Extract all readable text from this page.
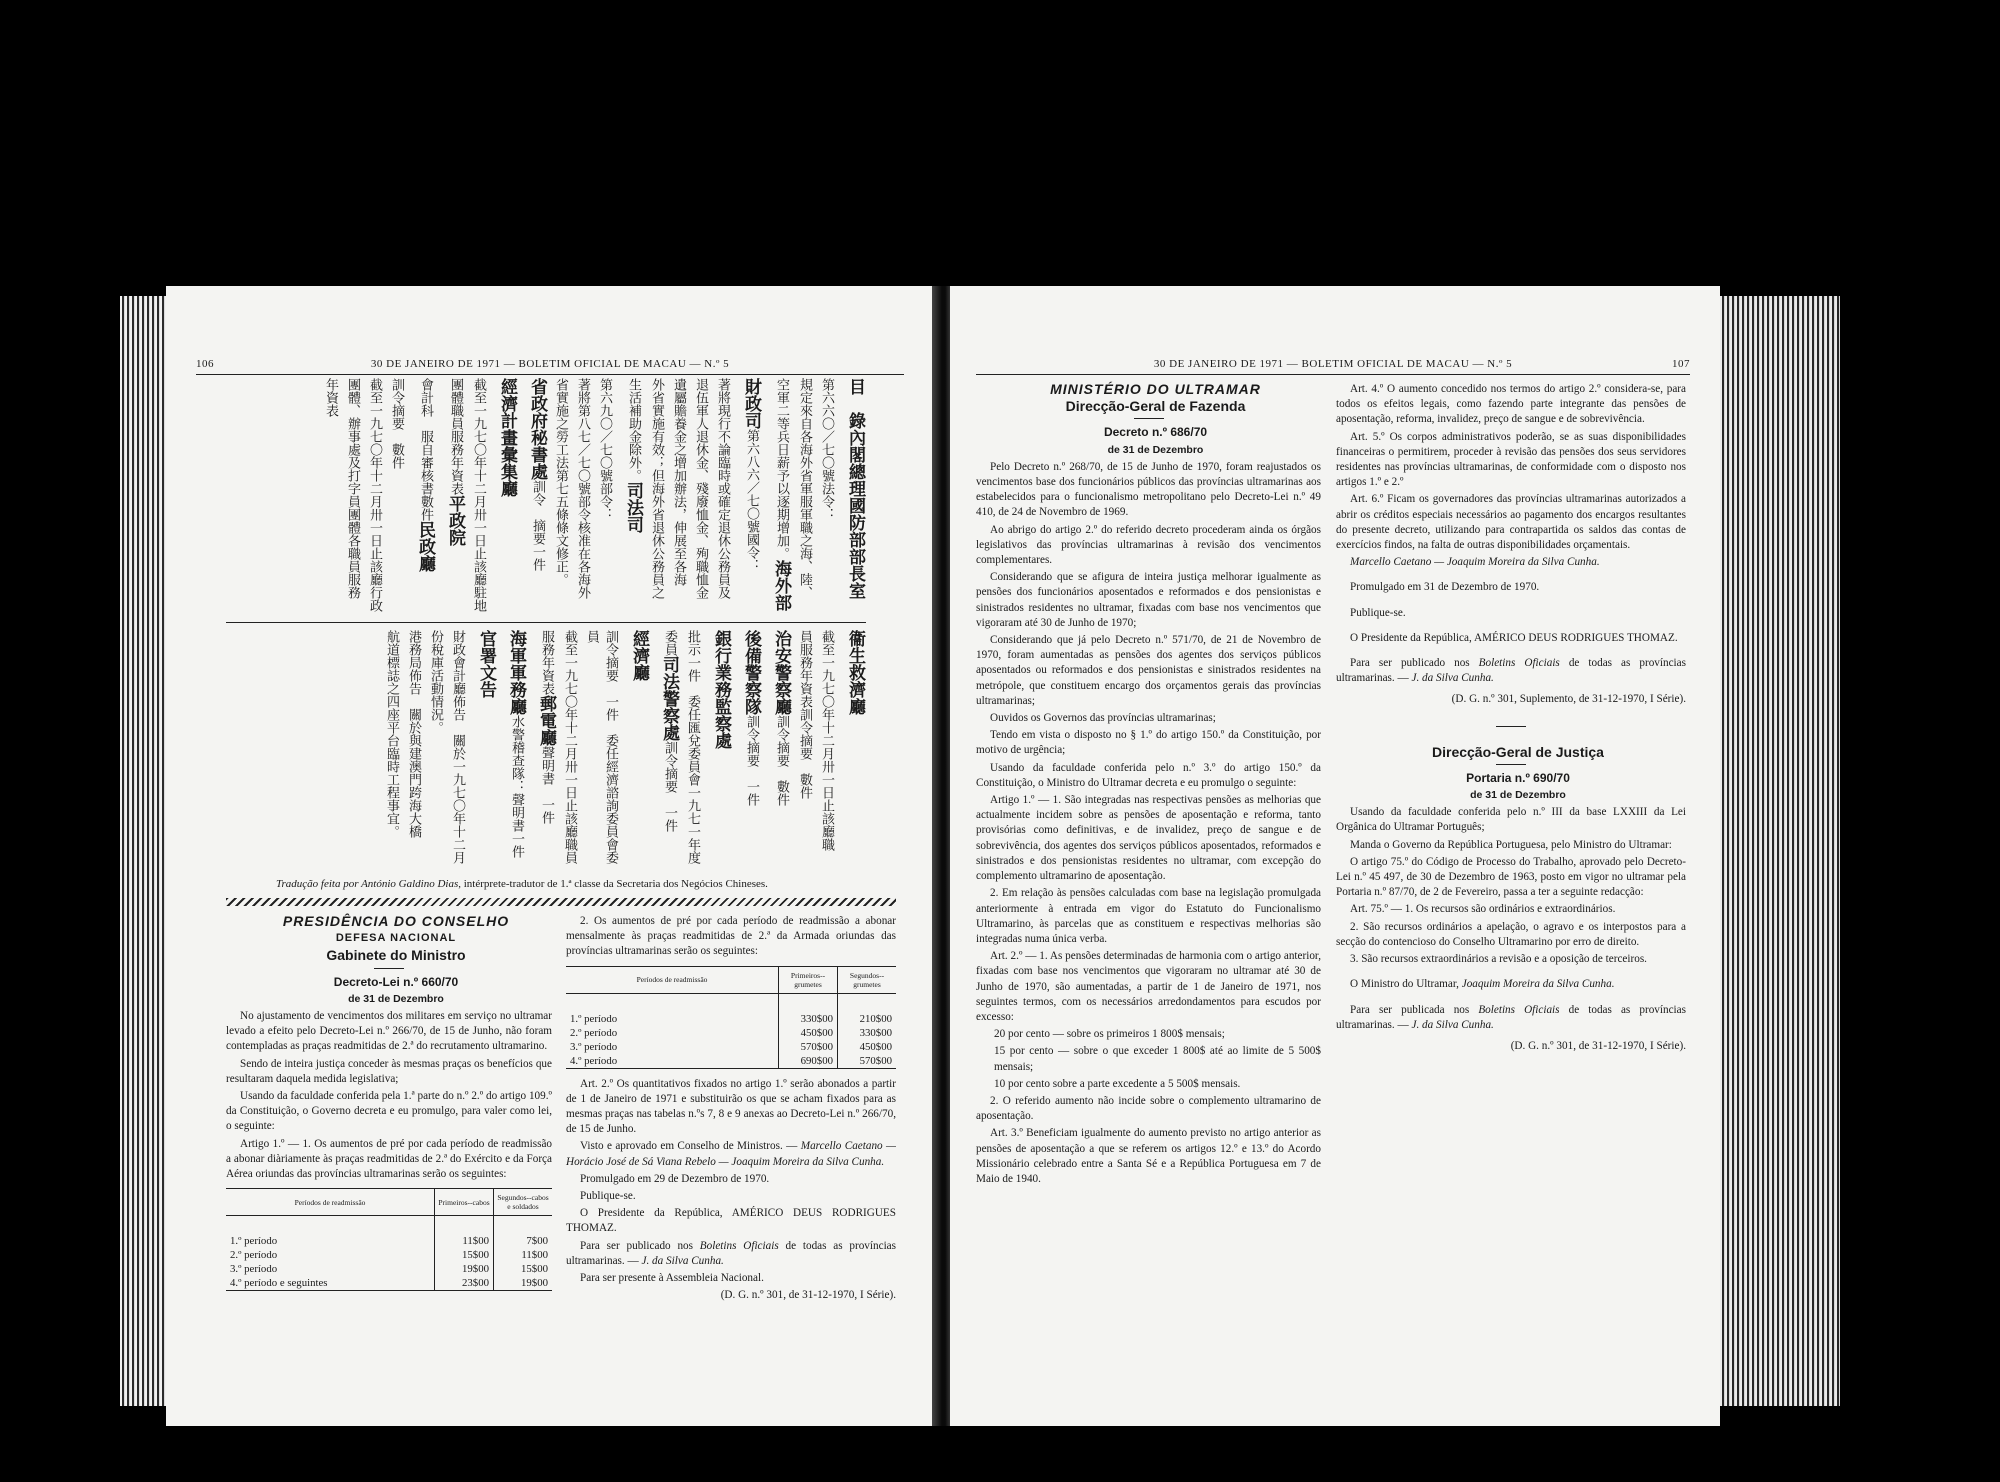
106	30 DE JANEIRO DE 1971 — BOLETIM OFICIAL DE MACAU — N.º 5
目　錄內閣總理國防部部長室第六六〇／七〇號法令：規定來自各海外省軍服軍職之海、陸、空軍二等兵日薪予以逐期增加。海外部財政司第六八六／七〇號國令：著將現行不論臨時或確定退休公務員及退伍軍人退休金、殘廢恤金、殉職恤金遺屬贍養金之增加辦法，伸展至各海外省實施有效；但海外省退休公務員之生活補助金除外。司法司第六九〇／七〇號部令：著將第八七／七〇號部令核准在各海外省實施之勞工法第七五條條文修正。省政府秘書處訓令　摘要一件經濟計畫彙集廳截至一九七〇年十二月卅一日止該廳駐地團體職員服務年資表平政院會計科　服自審核書數件民政廳訓令摘要　數件截至一九七〇年十二月卅一日止該廳行政團體、辦事處及打字員團體各職員服務年資表
衞生救濟廳截至一九七〇年十二月卅一日止該廳職員服務年資表訓令摘要　數件治安警察廳訓令摘要　數件後備警察隊訓令摘要　一件銀行業務監察處批示一件　委任匯兌委員會一九七一年度委員司法警察處訓令摘要　一件經濟廳訓令摘要　一件　委任經濟諮詢委員會委員截至一九七〇年十二月卅一日止該廳職員服務年資表郵電廳聲明書　一件海軍軍務廳水警稽查隊：聲明書一件官署文告財政會計廳佈告　關於一九七〇年十二月份稅庫活動情況。港務局佈告　關於與建澳門跨海大橋航道標誌之四座平台臨時工程事宜。
Tradução feita por António Galdino Dias, intérprete-tradutor de 1.ª classe da Secretaria dos Negócios Chineses.

PRESIDÊNCIA DO CONSELHO

DEFESA NACIONAL

Gabinete do Ministro

Decreto-Lei n.º 660/70

de 31 de Dezembro

No ajustamento de vencimentos dos militares em serviço no ultramar levado a efeito pelo Decreto-Lei n.º 266/70, de 15 de Junho, não foram contempladas as praças readmitidas de 2.ª do recrutamento ultramarino.

Sendo de inteira justiça conceder às mesmas praças os benefícios que resultaram daquela medida legislativa;

Usando da faculdade conferida pela 1.ª parte do n.º 2.º do artigo 109.º da Constituição, o Governo decreta e eu promulgo, para valer como lei, o seguinte:

Artigo 1.º — 1. Os aumentos de pré por cada período de readmissão a abonar diàriamente às praças readmitidas de 2.ª do Exército e da Força Aérea oriundas das províncias ultramarinas serão os seguintes:

Períodos de readmissão	Primeiros--cabos	Segundos--cabos e soldados

1.º período	11$00	7$00
2.º período	15$00	11$00
3.º período	19$00	15$00
4.º período e seguintes	23$00	19$00

2. Os aumentos de pré por cada período de readmissão a abonar mensalmente às praças readmitidas de 2.ª da Armada oriundas das províncias ultramarinas serão os seguintes:

Períodos de readmissão	Primeiros--grumetes	Segundos--grumetes

1.º período	330$00	210$00
2.º período	450$00	330$00
3.º período	570$00	450$00
4.º período	690$00	570$00

Art. 2.º Os quantitativos fixados no artigo 1.º serão abonados a partir de 1 de Janeiro de 1971 e substituirão os que se acham fixados para as mesmas praças nas tabelas n.ºs 7, 8 e 9 anexas ao Decreto-Lei n.º 266/70, de 15 de Junho.

Visto e aprovado em Conselho de Ministros. — Marcello Caetano — Horácio José de Sá Viana Rebelo — Joaquim Moreira da Silva Cunha.

Promulgado em 29 de Dezembro de 1970.

Publique-se.

O Presidente da República, AMÉRICO DEUS RODRIGUES THOMAZ.

Para ser publicado nos Boletins Oficiais de todas as províncias ultramarinas. — J. da Silva Cunha.

Para ser presente à Assembleia Nacional.

(D. G. n.º 301, de 31-12-1970, I Série).

30 DE JANEIRO DE 1971 — BOLETIM OFICIAL DE MACAU — N.º 5	107

MINISTÉRIO DO ULTRAMAR

Direcção-Geral de Fazenda

Decreto n.º 686/70

de 31 de Dezembro

Pelo Decreto n.º 268/70, de 15 de Junho de 1970, foram reajustados os vencimentos base dos funcionários públicos das províncias ultramarinas aos estabelecidos para o funcionalismo metropolitano pelo Decreto-Lei n.º 49 410, de 24 de Novembro de 1969.

Ao abrigo do artigo 2.º do referido decreto procederam ainda os órgãos legislativos das províncias ultramarinas à revisão dos vencimentos complementares.

Considerando que se afigura de inteira justiça melhorar igualmente as pensões dos funcionários aposentados e reformados e dos pensionistas e sinistrados residentes no ultramar, fixadas com base nos vencimentos que vigoraram até 30 de Junho de 1970;

Considerando que já pelo Decreto n.º 571/70, de 21 de Novembro de 1970, foram aumentadas as pensões dos agentes dos serviços públicos aposentados ou reformados e dos pensionistas e sinistrados residentes na metrópole, que constituem encargo dos orçamentos gerais das províncias ultramarinas;

Ouvidos os Governos das províncias ultramarinas;

Tendo em vista o disposto no § 1.º do artigo 150.º da Constituição, por motivo de urgência;

Usando da faculdade conferida pelo n.º 3.º do artigo 150.º da Constituição, o Ministro do Ultramar decreta e eu promulgo o seguinte:

Artigo 1.º — 1. São integradas nas respectivas pensões as melhorias que actualmente incidem sobre as pensões de aposentação e reforma, tanto provisórias como definitivas, e de invalidez, preço de sangue e de sobrevivência, dos agentes dos serviços públicos aposentados, reformados e sinistrados e dos pensionistas residentes no ultramar, com excepção do complemento ultramarino de aposentação.

2. Em relação às pensões calculadas com base na legislação promulgada anteriormente à entrada em vigor do Estatuto do Funcionalismo Ultramarino, às parcelas que as constituem e respectivas melhorias são integradas numa única verba.

Art. 2.º — 1. As pensões determinadas de harmonia com o artigo anterior, fixadas com base nos vencimentos que vigoraram no ultramar até 30 de Junho de 1970, são aumentadas, a partir de 1 de Janeiro de 1971, nos seguintes termos, com os necessários arredondamentos para escudos por excesso:

20 por cento — sobre os primeiros 1 800$ mensais;

15 por cento — sobre o que exceder 1 800$ até ao limite de 5 500$ mensais;

10 por cento sobre a parte excedente a 5 500$ mensais.

2. O referido aumento não incide sobre o complemento ultramarino de aposentação.

Art. 3.º Beneficiam igualmente do aumento previsto no artigo anterior as pensões de aposentação a que se referem os artigos 12.º e 13.º do Acordo Missionário celebrado entre a Santa Sé e a República Portuguesa em 7 de Maio de 1940.

Art. 4.º O aumento concedido nos termos do artigo 2.º considera-se, para todos os efeitos legais, como fazendo parte integrante das pensões de aposentação, reforma, invalidez, preço de sangue e de sobrevivência.

Art. 5.º Os corpos administrativos poderão, se as suas disponibilidades financeiras o permitirem, proceder à revisão das pensões dos seus servidores residentes nas províncias ultramarinas, de conformidade com o disposto nos artigos 1.º e 2.º

Art. 6.º Ficam os governadores das províncias ultramarinas autorizados a abrir os créditos especiais necessários ao pagamento dos encargos resultantes do presente decreto, utilizando para contrapartida os saldos das contas de exercícios findos, na falta de outras disponibilidades orçamentais.

Marcello Caetano — Joaquim Moreira da Silva Cunha.

Promulgado em 31 de Dezembro de 1970.

Publique-se.

O Presidente da República, AMÉRICO DEUS RODRIGUES THOMAZ.

Para ser publicado nos Boletins Oficiais de todas as províncias ultramarinas. — J. da Silva Cunha.

(D. G. n.º 301, Suplemento, de 31-12-1970, I Série).

Direcção-Geral de Justiça

Portaria n.º 690/70

de 31 de Dezembro

Usando da faculdade conferida pelo n.º III da base LXXIII da Lei Orgânica do Ultramar Português;

Manda o Governo da República Portuguesa, pelo Ministro do Ultramar:

O artigo 75.º do Código de Processo do Trabalho, aprovado pelo Decreto-Lei n.º 45 497, de 30 de Dezembro de 1963, posto em vigor no ultramar pela Portaria n.º 87/70, de 2 de Fevereiro, passa a ter a seguinte redacção:

Art. 75.º — 1. Os recursos são ordinários e extraordinários.

2. São recursos ordinários a apelação, o agravo e os interpostos para a secção do contencioso do Conselho Ultramarino por erro de direito.

3. São recursos extraordinários a revisão e a oposição de terceiros.

O Ministro do Ultramar, Joaquim Moreira da Silva Cunha.

Para ser publicada nos Boletins Oficiais de todas as províncias ultramarinas. — J. da Silva Cunha.

(D. G. n.º 301, de 31-12-1970, I Série).
